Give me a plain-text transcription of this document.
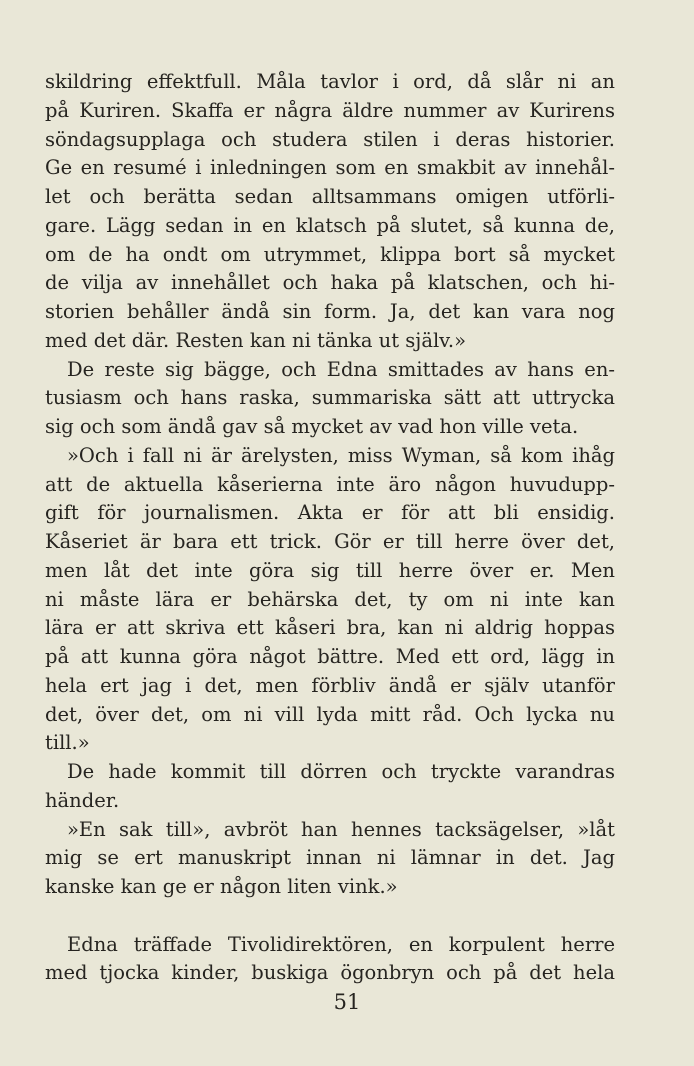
skildring effektfull. Måla tavlor i ord, då slår ni an
på Kuriren. Skaffa er några äldre nummer av Kurirens
söndagsupplaga och studera stilen i deras historier.
Ge en resumé i inledningen som en smakbit av innehål-
let och berätta sedan alltsammans omigen utförli-
gare. Lägg sedan in en klatsch på slutet, så kunna de,
om de ha ondt om utrymmet, klippa bort så mycket
de vilja av innehållet och haka på klatschen, och hi-
storien behåller ändå sin form. Ja, det kan vara nog
med det där. Resten kan ni tänka ut själv.»
De reste sig bägge, och Edna smittades av hans en-
tusiasm och hans raska, summariska sätt att uttrycka
sig och som ändå gav så mycket av vad hon ville veta.
»Och i fall ni är ärelysten, miss Wyman, så kom ihåg
att de aktuella kåserierna inte äro någon huvudupp-
gift för journalismen. Akta er för att bli ensidig.
Kåseriet är bara ett trick. Gör er till herre över det,
men låt det inte göra sig till herre över er. Men
ni måste lära er behärska det, ty om ni inte kan
lära er att skriva ett kåseri bra, kan ni aldrig hoppas
på att kunna göra något bättre. Med ett ord, lägg in
hela ert jag i det, men förbliv ändå er själv utanför
det, över det, om ni vill lyda mitt råd. Och lycka nu
till.»
De hade kommit till dörren och tryckte varandras
händer.
»En sak till», avbröt han hennes tacksägelser, »låt
mig se ert manuskript innan ni lämnar in det. Jag
kanske kan ge er någon liten vink.»
Edna träffade Tivolidirektören, en korpulent herre
med tjocka kinder, buskiga ögonbryn och på det hela
51
